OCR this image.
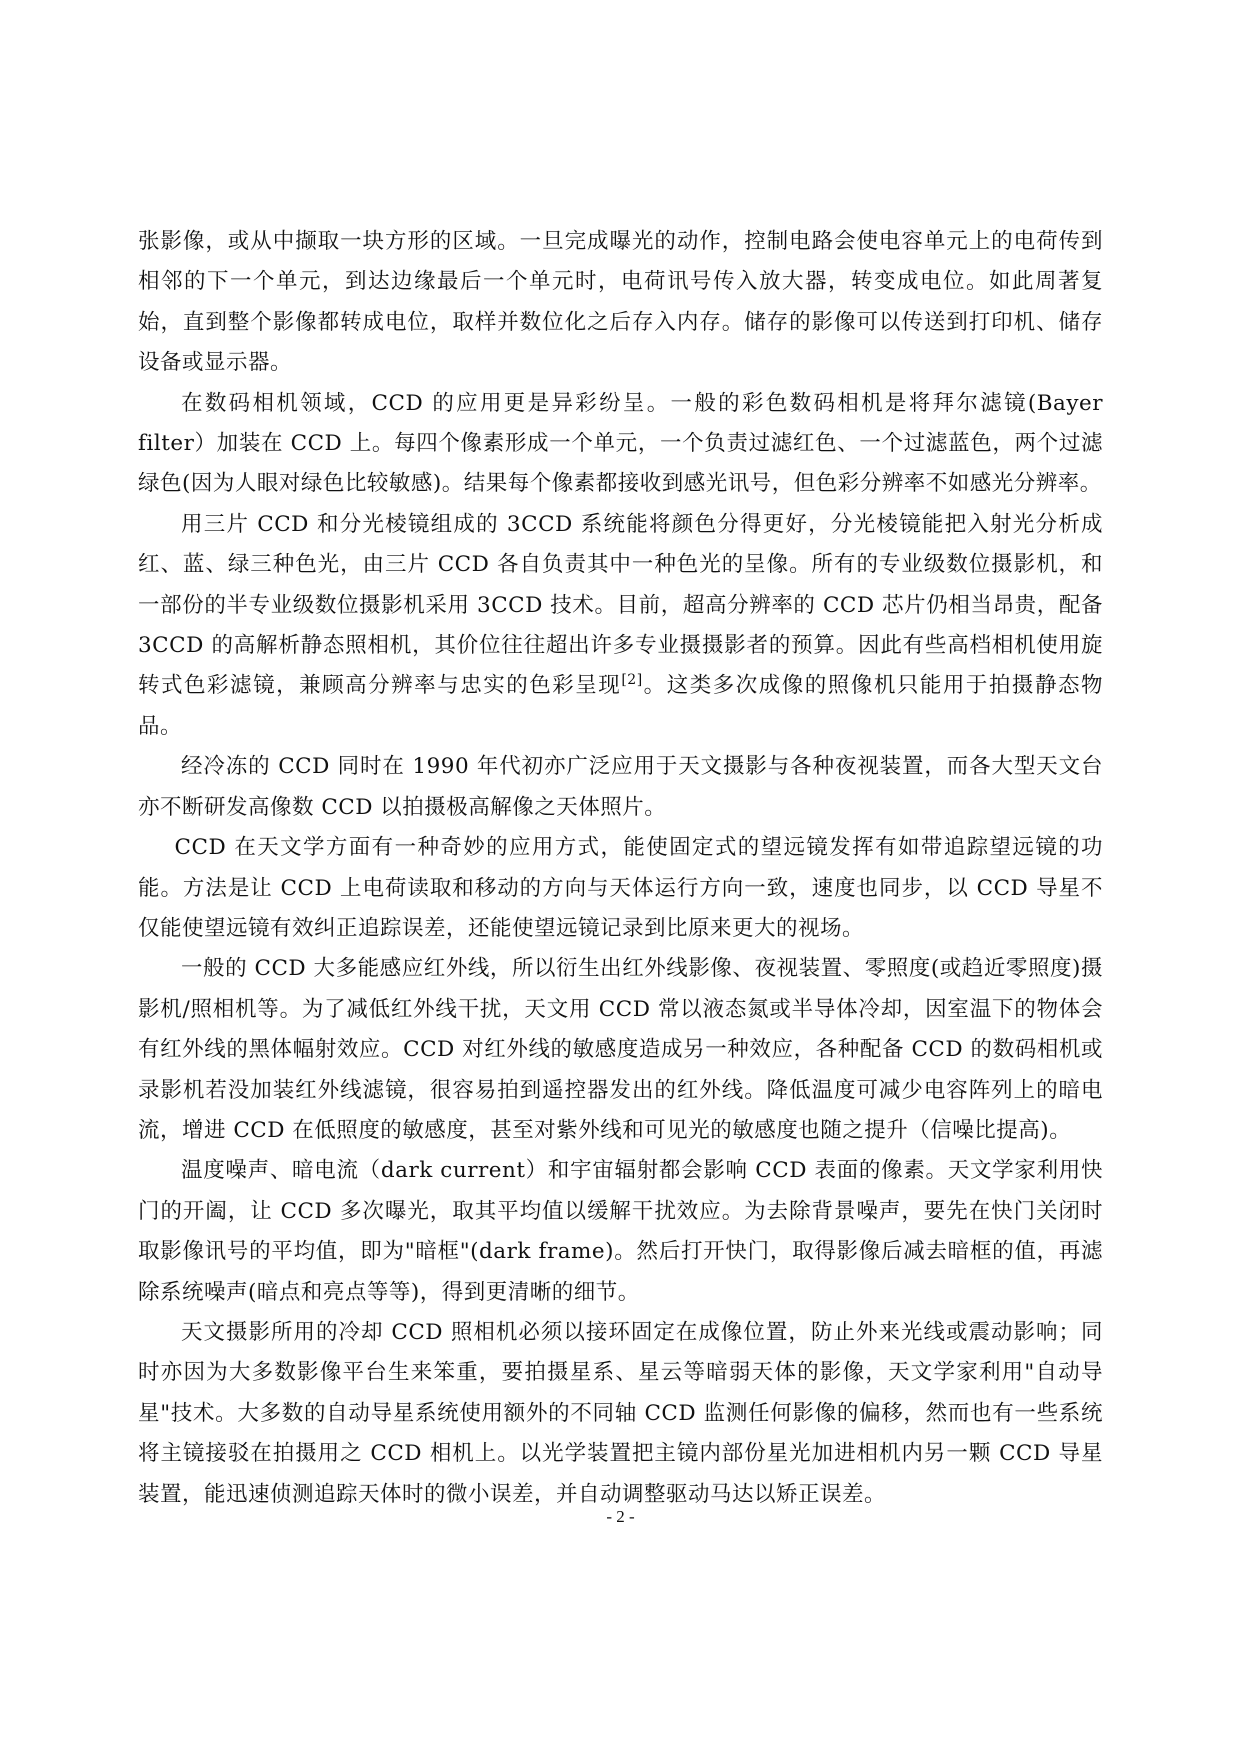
张影像，或从中撷取一块方形的区域。一旦完成曝光的动作，控制电路会使电容单元上的电荷传到相邻的下一个单元，到达边缘最后一个单元时，电荷讯号传入放大器，转变成电位。如此周著复始，直到整个影像都转成电位，取样并数位化之后存入内存。储存的影像可以传送到打印机、储存设备或显示器。

在数码相机领域，CCD 的应用更是异彩纷呈。一般的彩色数码相机是将拜尔滤镜(Bayer filter）加装在 CCD 上。每四个像素形成一个单元，一个负责过滤红色、一个过滤蓝色，两个过滤绿色(因为人眼对绿色比较敏感)。结果每个像素都接收到感光讯号，但色彩分辨率不如感光分辨率。

用三片 CCD 和分光棱镜组成的 3CCD 系统能将颜色分得更好，分光棱镜能把入射光分析成红、蓝、绿三种色光，由三片 CCD 各自负责其中一种色光的呈像。所有的专业级数位摄影机，和一部份的半专业级数位摄影机采用 3CCD 技术。目前，超高分辨率的 CCD 芯片仍相当昂贵，配备 3CCD 的高解析静态照相机，其价位往往超出许多专业摄摄影者的预算。因此有些高档相机使用旋转式色彩滤镜，兼顾高分辨率与忠实的色彩呈现[2]。这类多次成像的照像机只能用于拍摄静态物品。

经冷冻的 CCD 同时在 1990 年代初亦广泛应用于天文摄影与各种夜视装置，而各大型天文台亦不断研发高像数 CCD 以拍摄极高解像之天体照片。

CCD 在天文学方面有一种奇妙的应用方式，能使固定式的望远镜发挥有如带追踪望远镜的功能。方法是让 CCD 上电荷读取和移动的方向与天体运行方向一致，速度也同步，以 CCD 导星不仅能使望远镜有效纠正追踪误差，还能使望远镜记录到比原来更大的视场。

一般的 CCD 大多能感应红外线，所以衍生出红外线影像、夜视装置、零照度(或趋近零照度)摄影机/照相机等。为了减低红外线干扰，天文用 CCD 常以液态氮或半导体冷却，因室温下的物体会有红外线的黑体幅射效应。CCD 对红外线的敏感度造成另一种效应，各种配备 CCD 的数码相机或录影机若没加装红外线滤镜，很容易拍到遥控器发出的红外线。降低温度可减少电容阵列上的暗电流，增进 CCD 在低照度的敏感度，甚至对紫外线和可见光的敏感度也随之提升（信噪比提高)。

温度噪声、暗电流（dark current）和宇宙辐射都会影响 CCD 表面的像素。天文学家利用快门的开阖，让 CCD 多次曝光，取其平均值以缓解干扰效应。为去除背景噪声，要先在快门关闭时取影像讯号的平均值，即为"暗框"(dark frame)。然后打开快门，取得影像后减去暗框的值，再滤除系统噪声(暗点和亮点等等)，得到更清晰的细节。

天文摄影所用的冷却 CCD 照相机必须以接环固定在成像位置，防止外来光线或震动影响；同时亦因为大多数影像平台生来笨重，要拍摄星系、星云等暗弱天体的影像，天文学家利用"自动导星"技术。大多数的自动导星系统使用额外的不同轴 CCD 监测任何影像的偏移，然而也有一些系统将主镜接驳在拍摄用之 CCD 相机上。以光学装置把主镜内部份星光加进相机内另一颗 CCD 导星装置，能迅速侦测追踪天体时的微小误差，并自动调整驱动马达以矫正误差。

- 2 -
